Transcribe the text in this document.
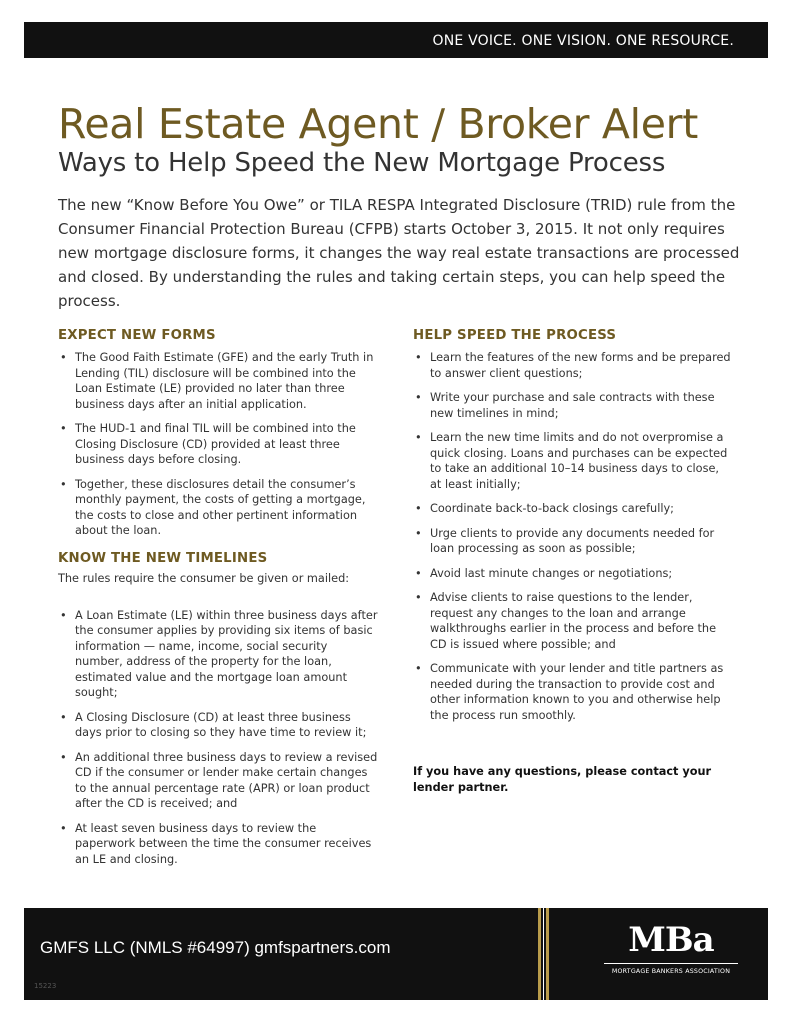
ONE VOICE. ONE VISION. ONE RESOURCE.
Real Estate Agent / Broker Alert
Ways to Help Speed the New Mortgage Process

The new “Know Before You Owe” or TILA RESPA Integrated Disclosure (TRID) rule from the Consumer Financial Protection Bureau (CFPB) starts October 3, 2015. It not only requires new mortgage disclosure forms, it changes the way real estate transactions are processed and closed. By understanding the rules and taking certain steps, you can help speed the process.

EXPECT NEW FORMS
• The Good Faith Estimate (GFE) and the early Truth in Lending (TIL) disclosure will be combined into the Loan Estimate (LE) provided no later than three business days after an initial application.
• The HUD-1 and final TIL will be combined into the Closing Disclosure (CD) provided at least three business days before closing.
• Together, these disclosures detail the consumer’s monthly payment, the costs of getting a mortgage, the costs to close and other pertinent information about the loan.
KNOW THE NEW TIMELINES

The rules require the consumer be given or mailed:

• A Loan Estimate (LE) within three business days after the consumer applies by providing six items of basic information — name, income, social security number, address of the property for the loan, estimated value and the mortgage loan amount sought;
• A Closing Disclosure (CD) at least three business days prior to closing so they have time to review it;
• An additional three business days to review a revised CD if the consumer or lender make certain changes to the annual percentage rate (APR) or loan product after the CD is received; and
• At least seven business days to review the paperwork between the time the consumer receives an LE and closing.
HELP SPEED THE PROCESS
• Learn the features of the new forms and be prepared to answer client questions;
• Write your purchase and sale contracts with these new timelines in mind;
• Learn the new time limits and do not overpromise a quick closing. Loans and purchases can be expected to take an additional 10–14 business days to close, at least initially;
• Coordinate back-to-back closings carefully;
• Urge clients to provide any documents needed for loan processing as soon as possible;
• Avoid last minute changes or negotiations;
• Advise clients to raise questions to the lender, request any changes to the loan and arrange walkthroughs earlier in the process and before the CD is issued where possible; and
• Communicate with your lender and title partners as needed during the transaction to provide cost and other information known to you and otherwise help the process run smoothly.

If you have any questions, please contact your lender partner.

GMFS LLC (NMLS #64997) gmfspartners.com
15223
MBa
MORTGAGE BANKERS ASSOCIATION
